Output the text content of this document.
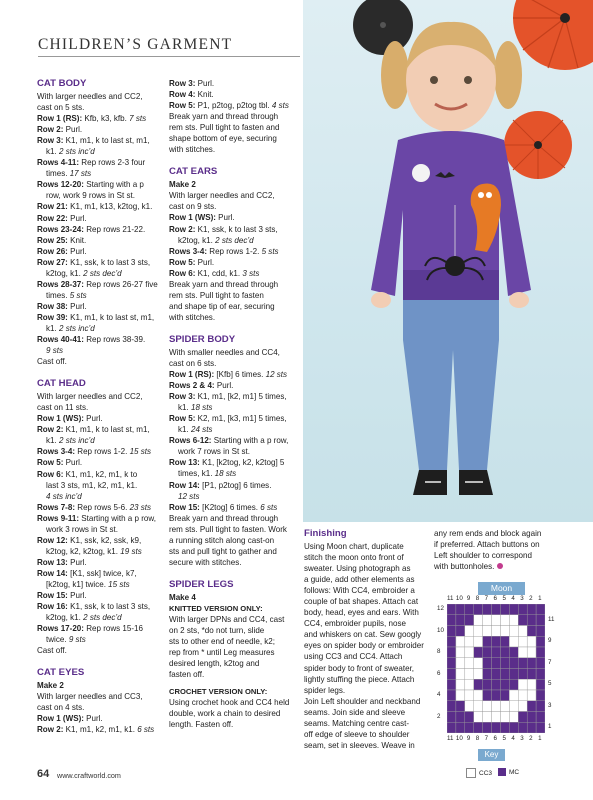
CHILDREN’S GARMENT
CAT BODY
With larger needles and CC2,
cast on 5 sts.
Row 1 (RS): Kfb, k3, kfb. 7 sts
Row 2: Purl.
Row 3: K1, m1, k to last st, m1,
k1. 2 sts inc’d
Rows 4-11: Rep rows 2-3 four
times. 17 sts
Rows 12-20: Starting with a p
row, work 9 rows in St st.
Row 21: K1, m1, k13, k2tog, k1.
Row 22: Purl.
Rows 23-24: Rep rows 21-22.
Row 25: Knit.
Row 26: Purl.
Row 27: K1, ssk, k to last 3 sts,
k2tog, k1. 2 sts dec’d
Rows 28-37: Rep rows 26-27 five
times. 5 sts
Row 38: Purl.
Row 39: K1, m1, k to last st, m1,
k1. 2 sts inc’d
Rows 40-41: Rep rows 38-39.
9 sts
Cast off.
CAT HEAD
With larger needles and CC2,
cast on 11 sts.
Row 1 (WS): Purl.
Row 2: K1, m1, k to last st, m1,
k1. 2 sts inc’d
Rows 3-4: Rep rows 1-2. 15 sts
Row 5: Purl.
Row 6: K1, m1, k2, m1, k to
last 3 sts, m1, k2, m1, k1.
4 sts inc’d
Rows 7-8: Rep rows 5-6. 23 sts
Rows 9-11: Starting with a p row,
work 3 rows in St st.
Row 12: K1, ssk, k2, ssk, k9,
k2tog, k2, k2tog, k1. 19 sts
Row 13: Purl.
Row 14: [K1, ssk] twice, k7,
[k2tog, k1] twice. 15 sts
Row 15: Purl.
Row 16: K1, ssk, k to last 3 sts,
k2tog, k1. 2 sts dec’d
Rows 17-20: Rep rows 15-16
twice. 9 sts
Cast off.
CAT EYES
Make 2
With larger needles and CC3,
cast on 4 sts.
Row 1 (WS): Purl.
Row 2: K1, m1, k2, m1, k1. 6 sts
Row 3: Purl.
Row 4: Knit.
Row 5: P1, p2tog, p2tog tbl. 4 sts
Break yarn and thread through
rem sts. Pull tight to fasten and
shape bottom of eye, securing
with stitches.
CAT EARS
Make 2
With larger needles and CC2,
cast on 9 sts.
Row 1 (WS): Purl.
Row 2: K1, ssk, k to last 3 sts,
k2tog, k1. 2 sts dec’d
Rows 3-4: Rep rows 1-2. 5 sts
Row 5: Purl.
Row 6: K1, cdd, k1. 3 sts
Break yarn and thread through
rem sts. Pull tight to fasten
and shape tip of ear, securing
with stitches.
SPIDER BODY
With smaller needles and CC4,
cast on 6 sts.
Row 1 (RS): [Kfb] 6 times. 12 sts
Rows 2 & 4: Purl.
Row 3: K1, m1, [k2, m1] 5 times,
k1. 18 sts
Row 5: K2, m1, [k3, m1] 5 times,
k1. 24 sts
Rows 6-12: Starting with a p row,
work 7 rows in St st.
Row 13: K1, [k2tog, k2, k2tog] 5
times, k1. 18 sts
Row 14: [P1, p2tog] 6 times.
12 sts
Row 15: [K2tog] 6 times. 6 sts
Break yarn and thread through
rem sts. Pull tight to fasten. Work
a running stitch along cast-on
sts and pull tight to gather and
secure with stitches.
SPIDER LEGS
Make 4
KNITTED VERSION ONLY:
With larger DPNs and CC4, cast
on 2 sts, *do not turn, slide
sts to other end of needle, k2;
rep from * until Leg measures
desired length, k2tog and
fasten off.
CROCHET VERSION ONLY:
Using crochet hook and CC4 held
double, work a chain to desired
length. Fasten off.
Finishing
Using Moon chart, duplicate
stitch the moon onto front of
sweater. Using photograph as
a guide, add other elements as
follows: With CC4, embroider a
couple of bat shapes. Attach cat
body, head, eyes and ears. With
CC4, embroider pupils, nose
and whiskers on cat. Sew googly
eyes on spider body or embroider
using CC3 and CC4. Attach
spider body to front of sweater,
lightly stuffing the piece. Attach
spider legs.
Join Left shoulder and neckband
seams. Join side and sleeve
seams. Matching centre cast-
off edge of sleeve to shoulder
seam, set in sleeves. Weave in
any rem ends and block again
if preferred. Attach buttons on
Left shoulder to correspond
with buttonholes.
Moon
11
11
10
10
9
9
8
8
7
7
6
6
5
5
4
4
3
3
2
2
1
1
12
10
8
6
4
2
11
9
7
5
3
1
Key
CC3	MC
64 www.craftworld.com
PassionForum.ru
